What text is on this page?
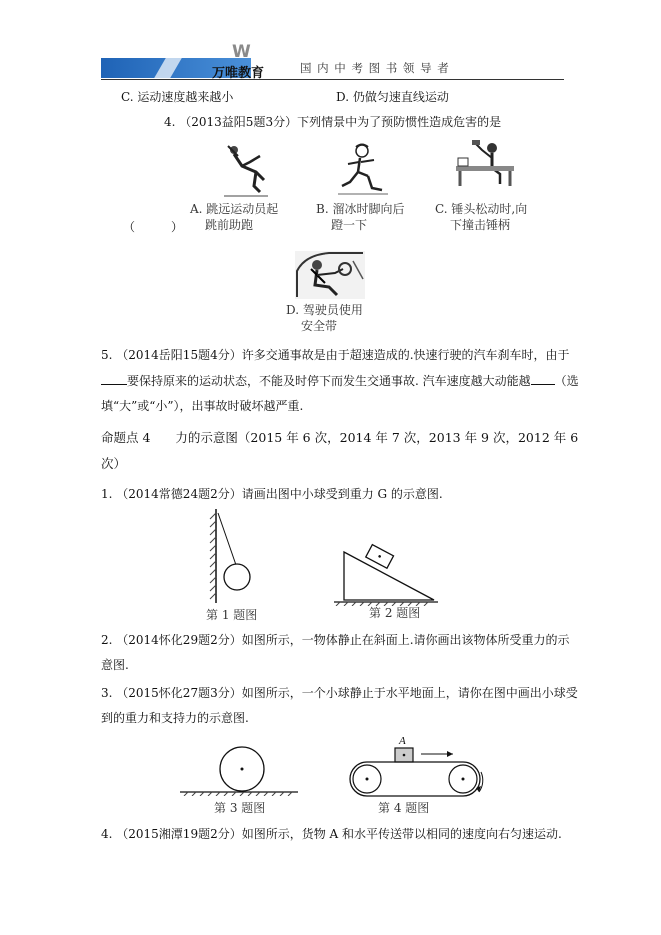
W
万唯教育	国 内 中 考 图 书 领 导 者
C. 运动速度越来越小	D. 仍做匀速直线运动
4. （2013益阳5题3分）下列情景中为了预防惯性造成危害的是
（　　　）
A. 跳远运动员起
跳前助跑
B. 溜冰时脚向后
蹬一下
C. 锤头松动时,向
下撞击锤柄
D. 驾驶员使用
安全带
5. （2014岳阳15题4分）许多交通事故是由于超速造成的.快速行驶的汽车刹车时，由于
要保持原来的运动状态，不能及时停下而发生交通事故. 汽车速度越大动能越 （选
填“大”或“小”），出事故时破坏越严重.
命题点 4　　力的示意图（2015 年 6 次，2014 年 7 次，2013 年 9 次，2012 年 6
次）
1. （2014常德24题2分）请画出图中小球受到重力 G 的示意图.
第 1 题图	第 2 题图
2. （2014怀化29题2分）如图所示，一物体静止在斜面上.请你画出该物体所受重力的示
意图.
3. （2015怀化27题3分）如图所示，一个小球静止于水平地面上，请你在图中画出小球受
到的重力和支持力的示意图.
第 3 题图
A
第 4 题图
4. （2015湘潭19题2分）如图所示，货物 A 和水平传送带以相同的速度向右匀速运动.
